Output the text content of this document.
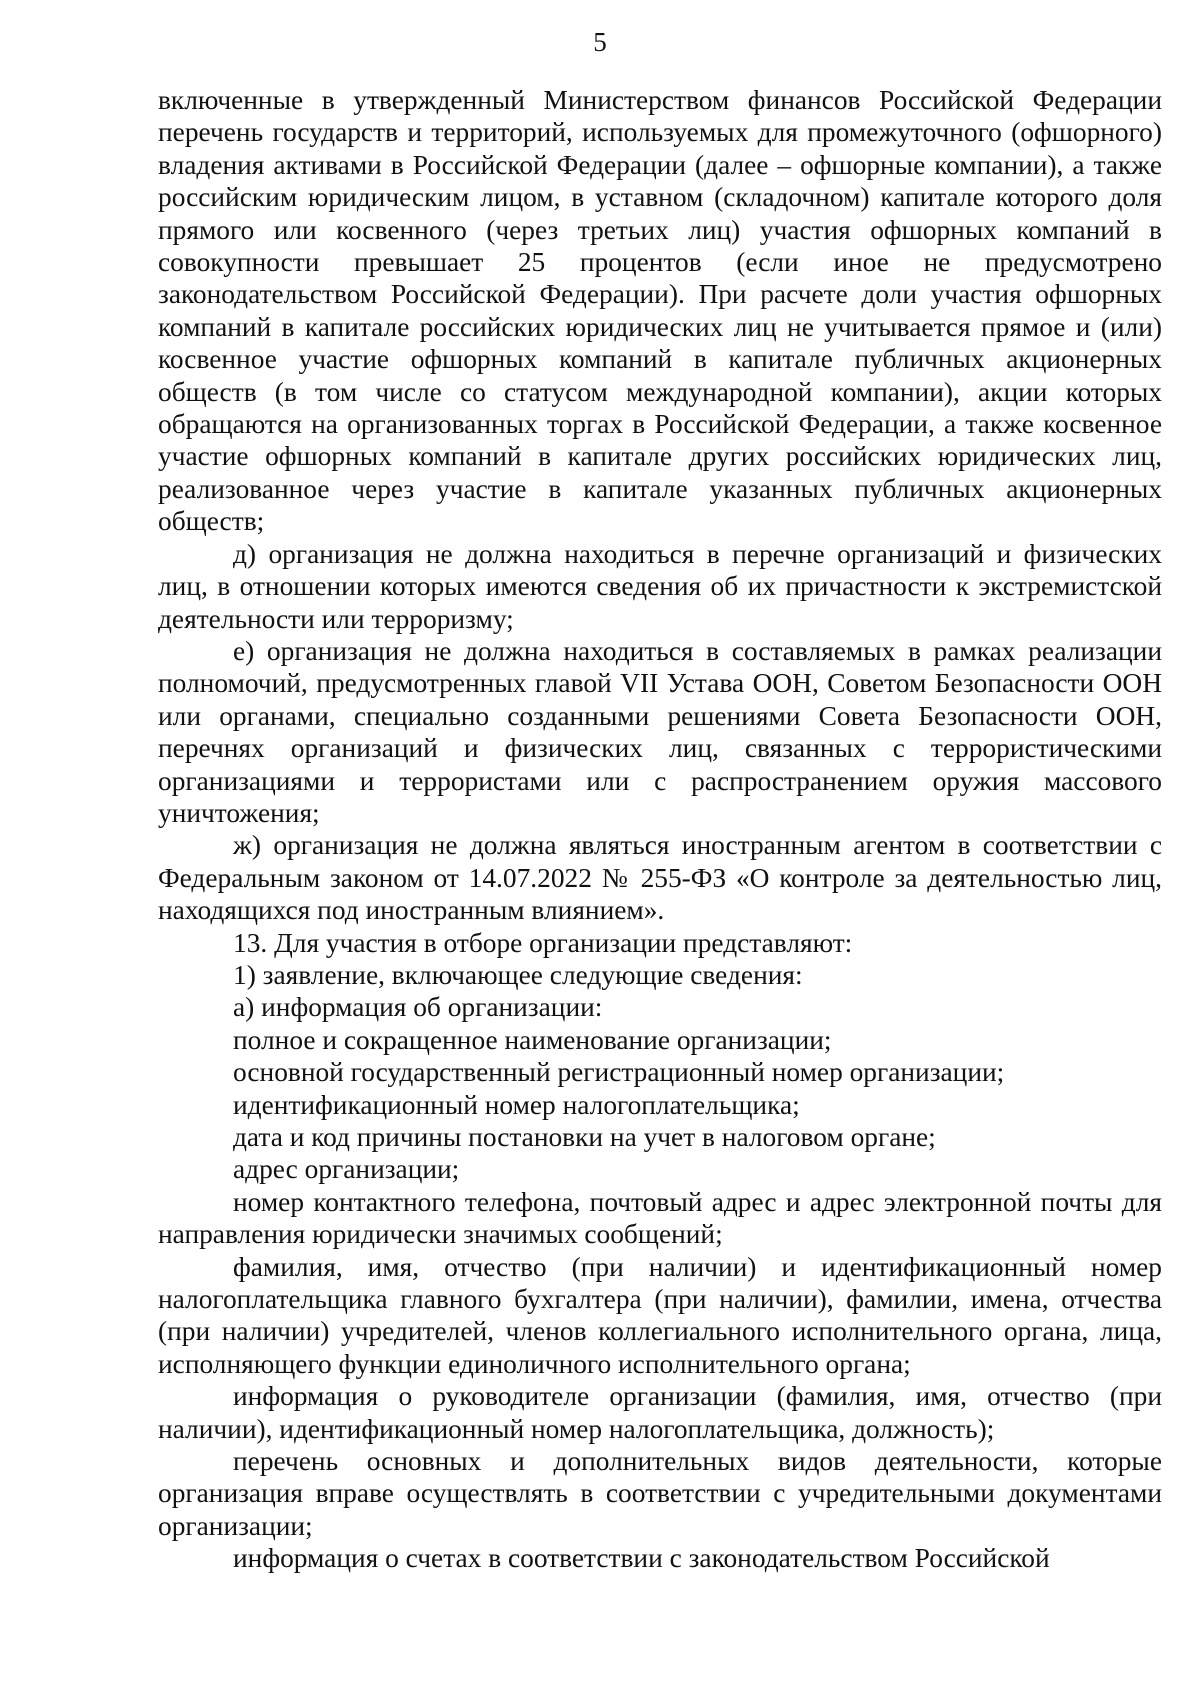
5

включенные в утвержденный Министерством финансов Российской Федерации перечень государств и территорий, используемых для промежуточного (офшорного) владения активами в Российской Федерации (далее – офшорные компании), а также российским юридическим лицом, в уставном (складочном) капитале которого доля прямого или косвенного (через третьих лиц) участия офшорных компаний в совокупности превышает 25 процентов (если иное не предусмотрено законодательством Российской Федерации). При расчете доли участия офшорных компаний в капитале российских юридических лиц не учитывается прямое и (или) косвенное участие офшорных компаний в капитале публичных акционерных обществ (в том числе со статусом международной компании), акции которых обращаются на организованных торгах в Российской Федерации, а также косвенное участие офшорных компаний в капитале других российских юридических лиц, реализованное через участие в капитале указанных публичных акционерных обществ;

д) организация не должна находиться в перечне организаций и физических лиц, в отношении которых имеются сведения об их причастности к экстремистской деятельности или терроризму;

е) организация не должна находиться в составляемых в рамках реализации полномочий, предусмотренных главой VII Устава ООН, Советом Безопасности ООН или органами, специально созданными решениями Совета Безопасности ООН, перечнях организаций и физических лиц, связанных с террористическими организациями и террористами или с распространением оружия массового уничтожения;

ж) организация не должна являться иностранным агентом в соответствии с Федеральным законом от 14.07.2022 № 255-ФЗ «О контроле за деятельностью лиц, находящихся под иностранным влиянием».

13. Для участия в отборе организации представляют:

1) заявление, включающее следующие сведения:

а) информация об организации:

полное и сокращенное наименование организации;

основной государственный регистрационный номер организации;

идентификационный номер налогоплательщика;

дата и код причины постановки на учет в налоговом органе;

адрес организации;

номер контактного телефона, почтовый адрес и адрес электронной почты для направления юридически значимых сообщений;

фамилия, имя, отчество (при наличии) и идентификационный номер налогоплательщика главного бухгалтера (при наличии), фамилии, имена, отчества (при наличии) учредителей, членов коллегиального исполнительного органа, лица, исполняющего функции единоличного исполнительного органа;

информация о руководителе организации (фамилия, имя, отчество (при наличии), идентификационный номер налогоплательщика, должность);

перечень основных и дополнительных видов деятельности, которые организация вправе осуществлять в соответствии с учредительными документами организации;

информация о счетах в соответствии с законодательством Российской
